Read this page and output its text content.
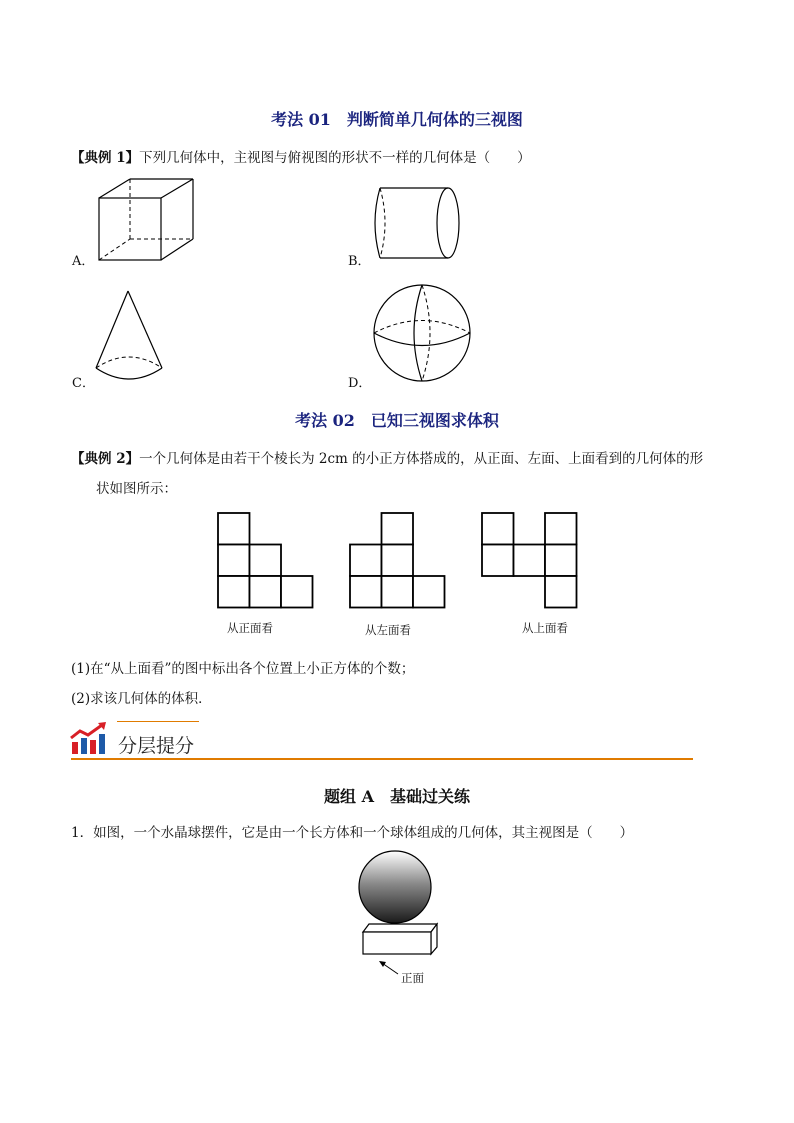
考法 01　判断简单几何体的三视图
【典例 1】下列几何体中，主视图与俯视图的形状不一样的几何体是（　　）
A．	B．
C．	D．
考法 02　已知三视图求体积
【典例 2】一个几何体是由若干个棱长为 2cm 的小正方体搭成的，从正面、左面、上面看到的几何体的形
状如图所示：
从正面看	从左面看	从上面看
(1)在“从上面看”的图中标出各个位置上小正方体的个数；
(2)求该几何体的体积．
分层提分
题组 A　基础过关练
1．如图，一个水晶球摆件，它是由一个长方体和一个球体组成的几何体，其主视图是（　　）
正面
